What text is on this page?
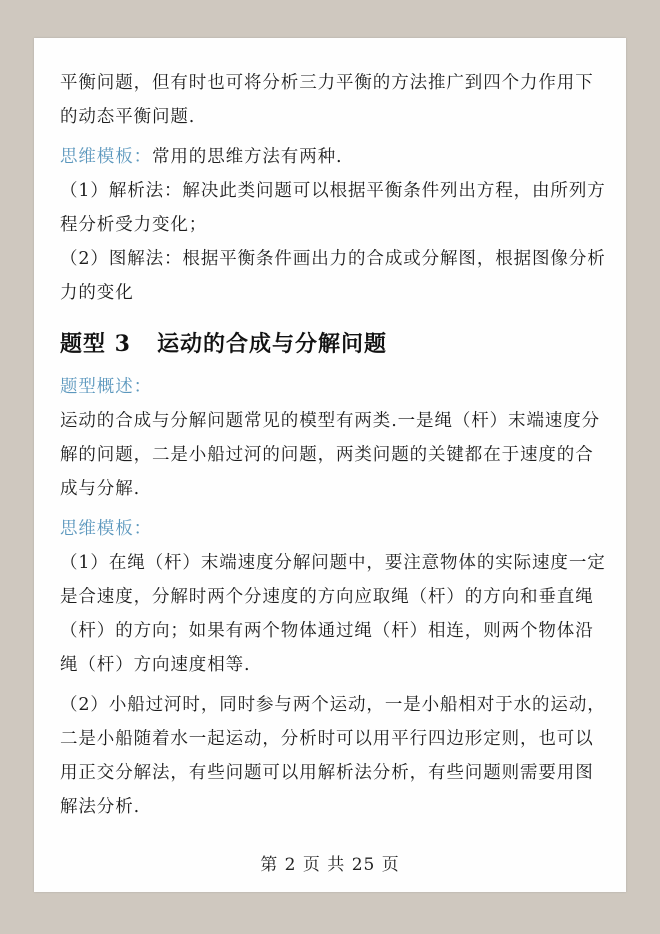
平衡问题，但有时也可将分析三力平衡的方法推广到四个力作用下的动态平衡问题.

思维模板：常用的思维方法有两种.

（1）解析法：解决此类问题可以根据平衡条件列出方程，由所列方程分析受力变化；

（2）图解法：根据平衡条件画出力的合成或分解图，根据图像分析力的变化

题型 3 运动的合成与分解问题

题型概述：

运动的合成与分解问题常见的模型有两类.一是绳（杆）末端速度分解的问题，二是小船过河的问题，两类问题的关键都在于速度的合成与分解.

思维模板：

（1）在绳（杆）末端速度分解问题中，要注意物体的实际速度一定是合速度，分解时两个分速度的方向应取绳（杆）的方向和垂直绳（杆）的方向；如果有两个物体通过绳（杆）相连，则两个物体沿绳（杆）方向速度相等.

（2）小船过河时，同时参与两个运动，一是小船相对于水的运动，二是小船随着水一起运动，分析时可以用平行四边形定则，也可以用正交分解法，有些问题可以用解析法分析，有些问题则需要用图解法分析.

第 2 页 共 25 页
